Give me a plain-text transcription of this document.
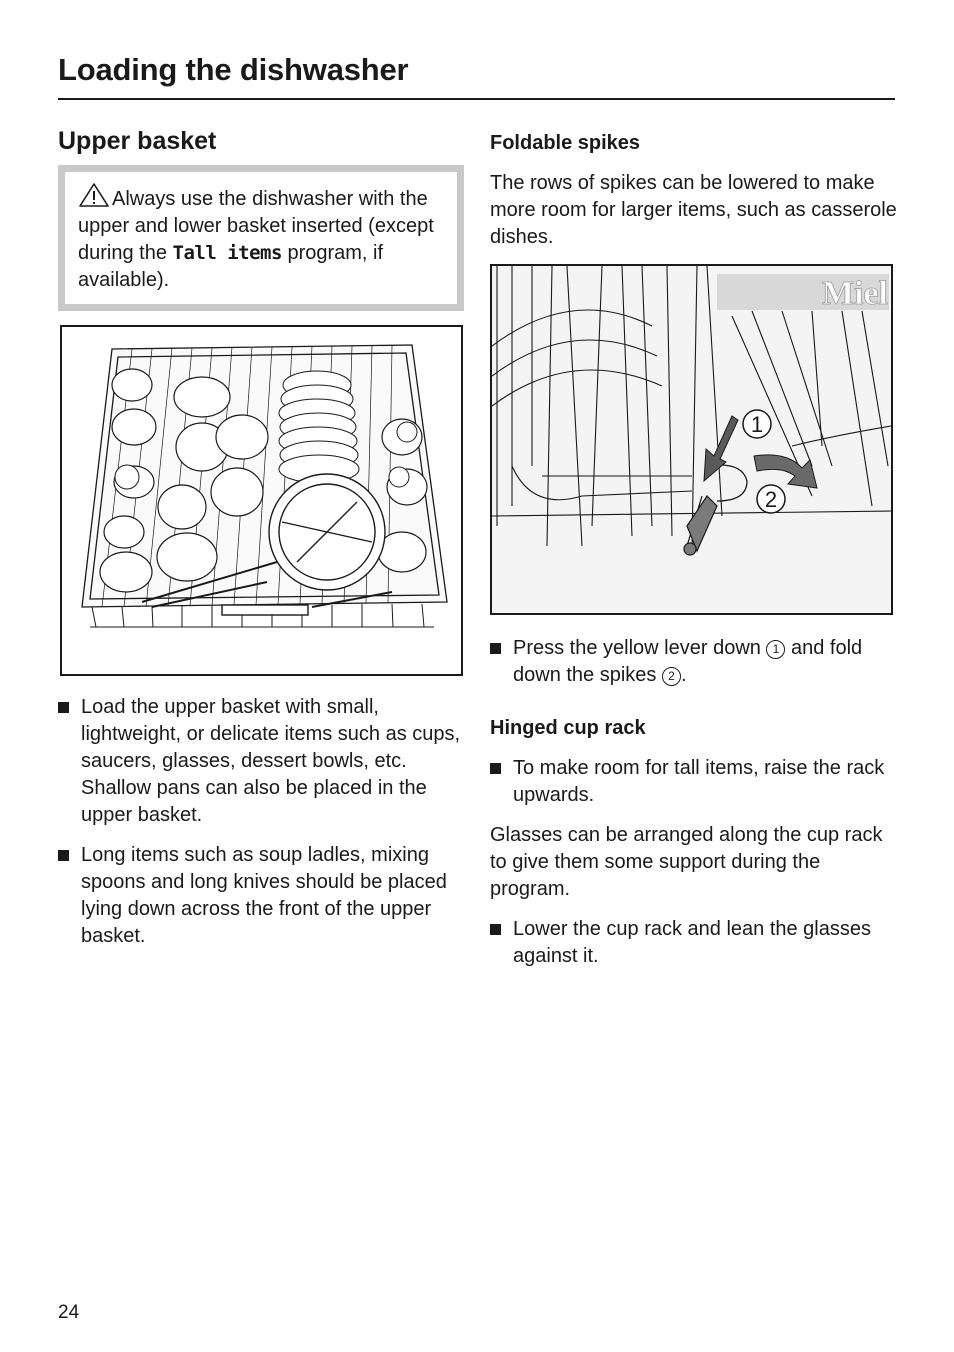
Loading the dishwasher
Upper basket
Always use the dishwasher with the upper and lower basket inserted (except during the Tall items program, if available).
Load the upper basket with small, lightweight, or delicate items such as cups, saucers, glasses, dessert bowls, etc.
Shallow pans can also be placed in the upper basket.
Long items such as soup ladles, mixing spoons and long knives should be placed lying down across the front of the upper basket.
Foldable spikes

The rows of spikes can be lowered to make more room for larger items, such as casserole dishes.

Miel
1
2
Press the yellow lever down 1 and fold down the spikes 2 .
Hinged cup rack
To make room for tall items, raise the rack upwards.

Glasses can be arranged along the cup rack to give them some support during the program.

Lower the cup rack and lean the glasses against it.
24
